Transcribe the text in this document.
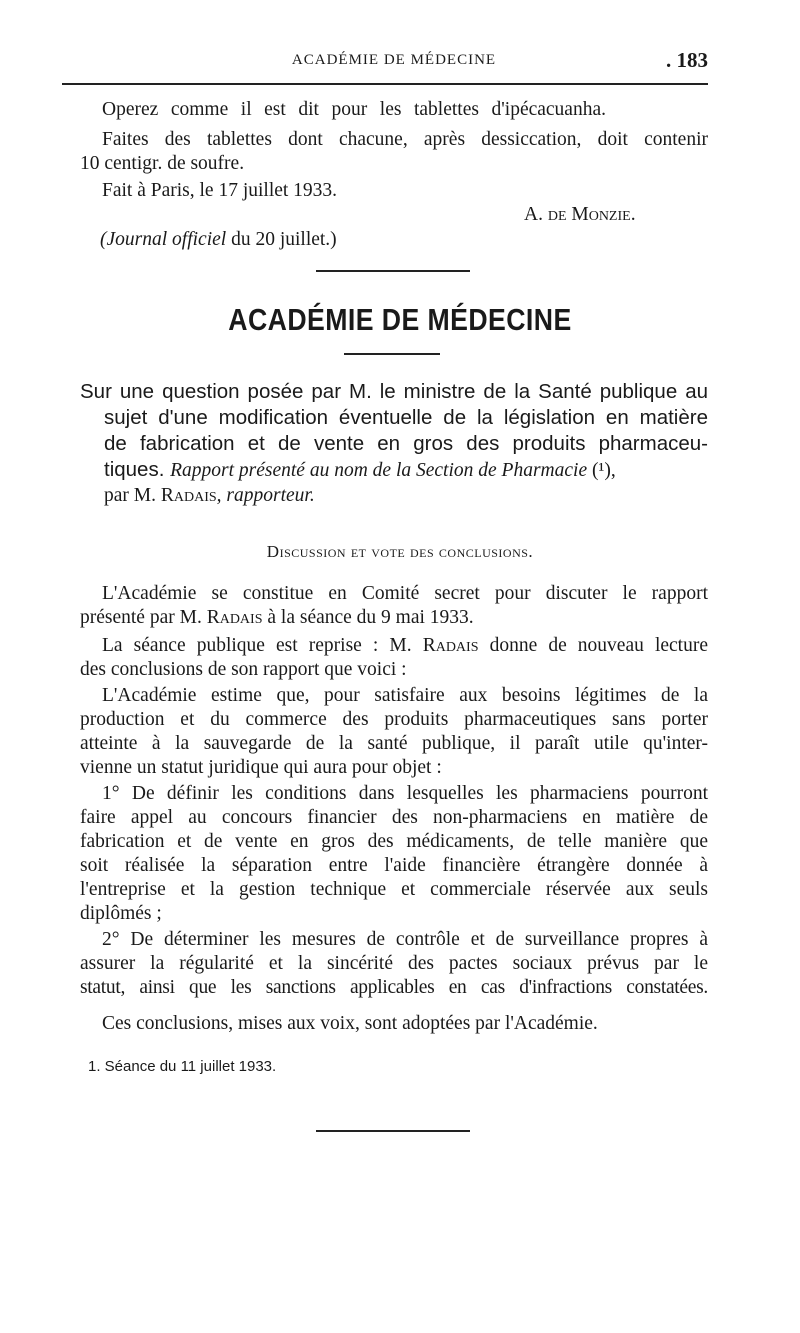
ACADÉMIE DE MÉDECINE	. 183
Operez comme il est dit pour les tablettes d'ipécacuanha.
Faites des tablettes dont chacune, après dessiccation, doit contenir
10 centigr. de soufre.
Fait à Paris, le 17 juillet 1933.
A. de Monzie.
(Journal officiel du 20 juillet.)
ACADÉMIE DE MÉDECINE
Sur une question posée par M. le ministre de la Santé publique au
sujet d'une modification éventuelle de la législation en matière
de fabrication et de vente en gros des produits pharmaceu-
tiques. Rapport présenté au nom de la Section de Pharmacie (¹),
par M. Radais, rapporteur.
Discussion et vote des conclusions.
L'Académie se constitue en Comité secret pour discuter le rapport
présenté par M. Radais à la séance du 9 mai 1933.
La séance publique est reprise : M. Radais donne de nouveau lecture
des conclusions de son rapport que voici :
L'Académie estime que, pour satisfaire aux besoins légitimes de la
production et du commerce des produits pharmaceutiques sans porter
atteinte à la sauvegarde de la santé publique, il paraît utile qu'inter-
vienne un statut juridique qui aura pour objet :
1° De définir les conditions dans lesquelles les pharmaciens pourront
faire appel au concours financier des non-pharmaciens en matière de
fabrication et de vente en gros des médicaments, de telle manière que
soit réalisée la séparation entre l'aide financière étrangère donnée à
l'entreprise et la gestion technique et commerciale réservée aux seuls
diplômés ;
2° De déterminer les mesures de contrôle et de surveillance propres à
assurer la régularité et la sincérité des pactes sociaux prévus par le
statut, ainsi que les sanctions applicables en cas d'infractions constatées.
Ces conclusions, mises aux voix, sont adoptées par l'Académie.
1. Séance du 11 juillet 1933.
